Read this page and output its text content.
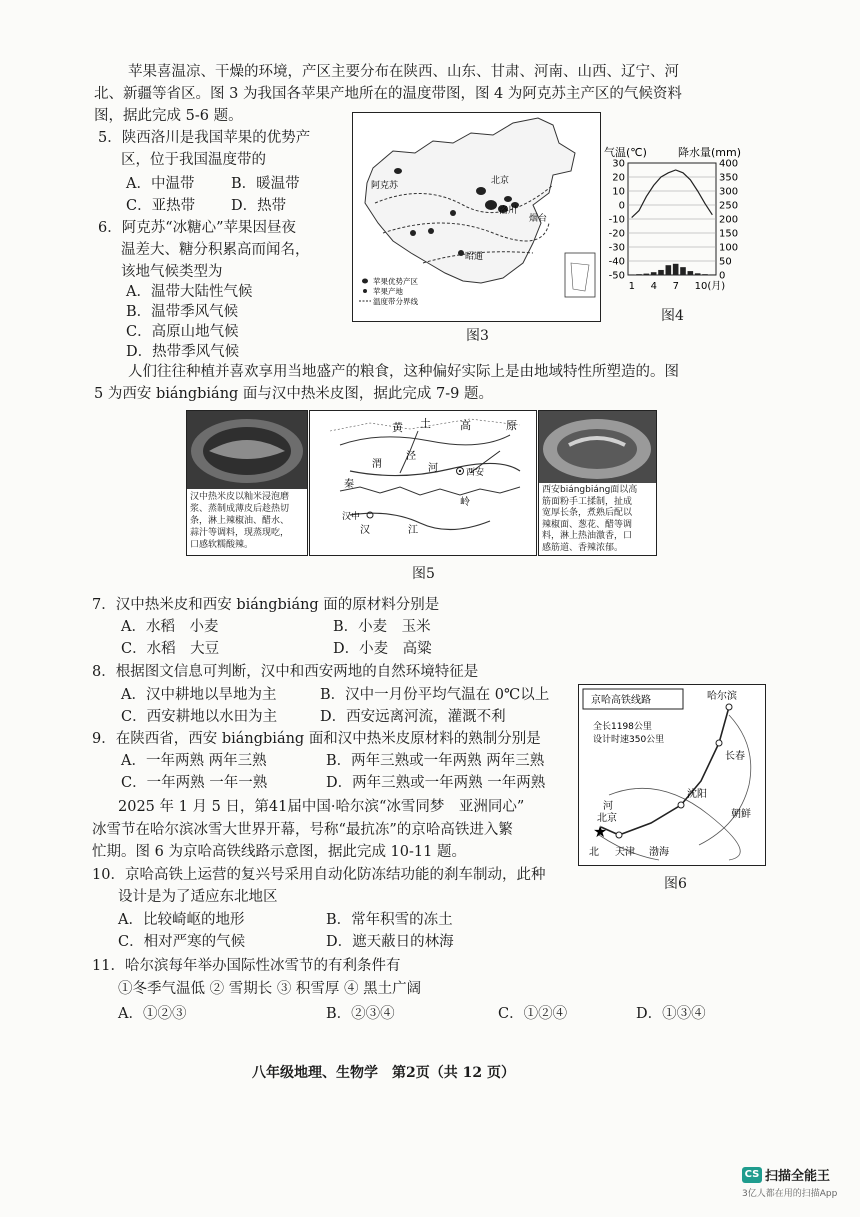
苹果喜温凉、干燥的环境，产区主要分布在陕西、山东、甘肃、河南、山西、辽宁、河
北、新疆等省区。图 3 为我国各苹果产地所在的温度带图，图 4 为阿克苏主产区的气候资料
图，据此完成 5-6 题。
5．陕西洛川是我国苹果的优势产
区，位于我国温度带的
A．中温带	B．暖温带
C．亚热带 D．热带
6．阿克苏“冰糖心”苹果因昼夜
温差大、糖分积累高而闻名，
该地气候类型为
A．温带大陆性气候
B．温带季风气候
C．高原山地气候
D．热带季风气候
阿克苏	北京
洛川
烟台
昭通
苹果优势产区
苹果产地
温度带分界线
图3
气温(℃)	降水量(mm)
30
20
10
0
-10
-20
-30
-40
-50
400
350
300
250
200
150
100
50
0
1 4 7 10(月)
图4
人们往往种植并喜欢享用当地盛产的粮食，这种偏好实际上是由地域特性所塑造的。图
5 为西安 biángbiáng 面与汉中热米皮图，据此完成 7-9 题。
汉中热米皮以籼米浸泡磨
浆、蒸制成薄皮后趁热切
条，淋上辣椒油、醋水、
蒜汁等调料，现蒸现吃，
口感软糯酸辣。
黄 土	高	原
渭
泾
河	西安
秦
岭
汉中
汉	江
西安biángbiáng面以高
筋面粉手工揉制，扯成
宽厚长条，煮熟后配以
辣椒面、葱花、醋等调
料，淋上热油激香，口
感筋道、香辣浓郁。
图5
7．汉中热米皮和西安 biángbiáng 面的原材料分别是
A．水稻　小麦	B．小麦　玉米
C．水稻　大豆	D．小麦　高粱
8．根据图文信息可判断，汉中和西安两地的自然环境特征是
A．汉中耕地以旱地为主	B．汉中一月份平均气温在 0℃以上
C．西安耕地以水田为主	D．西安远离河流，灌溉不利
9．在陕西省，西安 biángbiáng 面和汉中热米皮原材料的熟制分别是
A．一年两熟 两年三熟	B．两年三熟或一年两熟 两年三熟
C．一年两熟 一年一熟	D．两年三熟或一年两熟 一年两熟
2025 年 1 月 5 日，第41届中国·哈尔滨“冰雪同梦　亚洲同心”
冰雪节在哈尔滨冰雪大世界开幕，号称“最抗冻”的京哈高铁进入繁
忙期。图 6 为京哈高铁线路示意图，据此完成 10-11 题。
京哈高铁线路
全长1198公里
设计时速350公里
★
哈尔滨
长春
沈阳
朝鲜
河
北京
北 天津 渤海
图6
10．京哈高铁上运营的复兴号采用自动化防冻结功能的刹车制动，此种
设计是为了适应东北地区
A．比较崎岖的地形	B．常年积雪的冻土
C．相对严寒的气候	D．遮天蔽日的林海
11．哈尔滨每年举办国际性冰雪节的有利条件有
①冬季气温低 ② 雪期长 ③ 积雪厚 ④ 黑土广阔
A．①②③	B．②③④	C．①②④	D．①③④
八年级地理、生物学　第2页（共 12 页）
CS 扫描全能王
3亿人都在用的扫描App
